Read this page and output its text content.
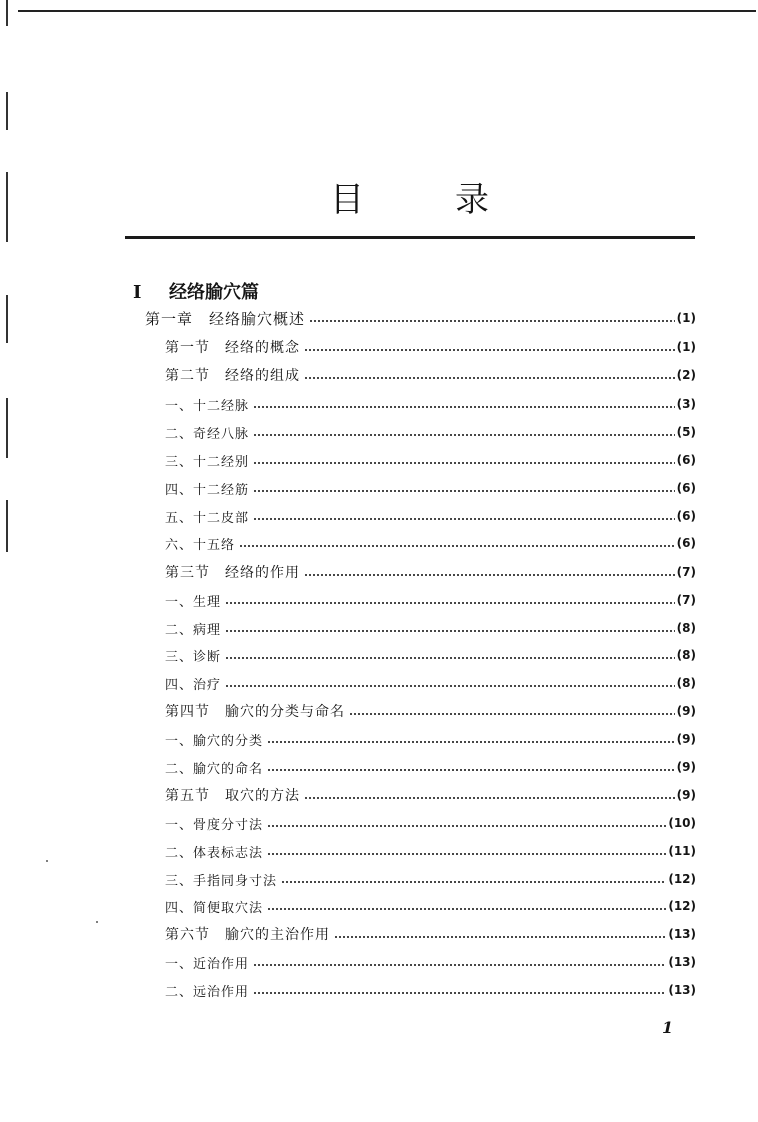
目	录
I 经络腧穴篇
第一章　经络腧穴概述	(1)
第一节　经络的概念	(1)
第二节　经络的组成	(2)
一、十二经脉	(3)
二、奇经八脉	(5)
三、十二经别	(6)
四、十二经筋	(6)
五、十二皮部	(6)
六、十五络	(6)
第三节　经络的作用	(7)
一、生理	(7)
二、病理	(8)
三、诊断	(8)
四、治疗	(8)
第四节　腧穴的分类与命名	(9)
一、腧穴的分类	(9)
二、腧穴的命名	(9)
第五节　取穴的方法	(9)
一、骨度分寸法	(10)
二、体表标志法	(11)
三、手指同身寸法	(12)
四、简便取穴法	(12)
第六节　腧穴的主治作用	(13)
一、近治作用	(13)
二、远治作用	(13)
1
